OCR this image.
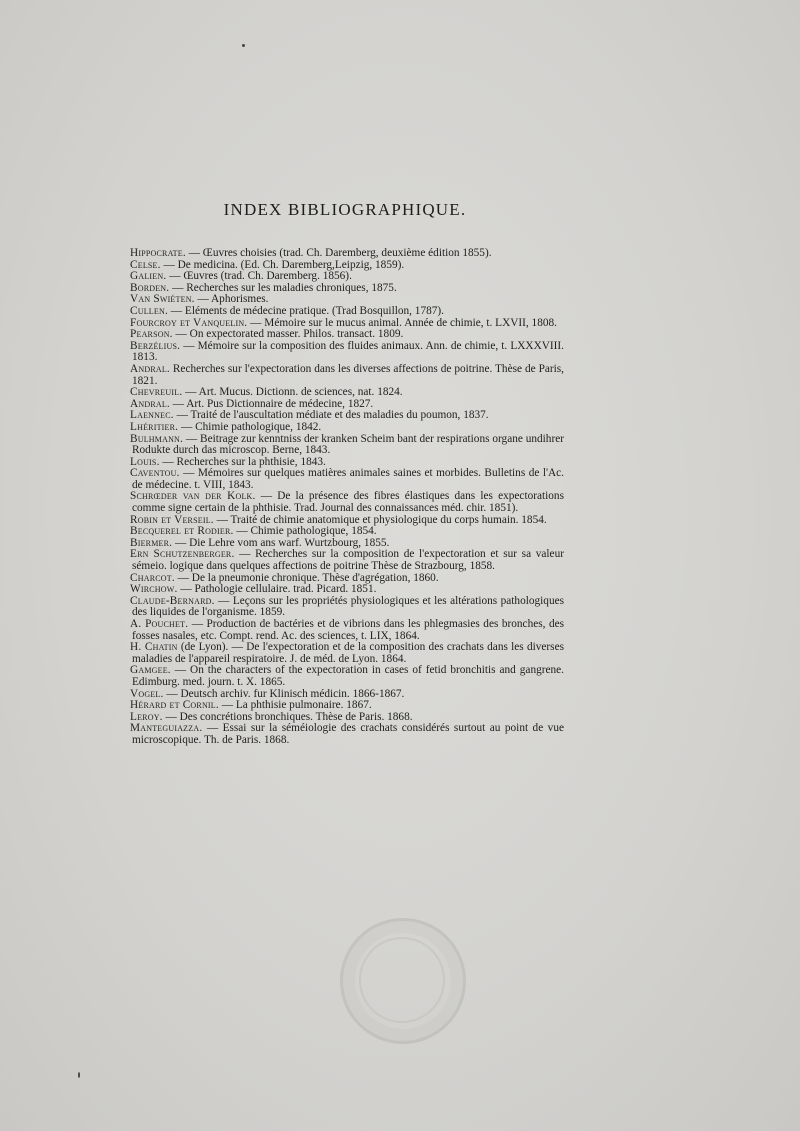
INDEX BIBLIOGRAPHIQUE.
Hippocrate. — Œuvres choisies (trad. Ch. Daremberg, deuxième édition 1855).
Celse. — De medicina. (Ed. Ch. Daremberg,Leipzig, 1859).
Galien. — Œuvres (trad. Ch. Daremberg. 1856).
Borden. — Recherches sur les maladies chroniques, 1875.
Van Swiéten. — Aphorismes.
Cullen. — Eléments de médecine pratique. (Trad Bosquillon, 1787).
Fourcroy et Vanquelin. — Mémoire sur le mucus animal. Année de chimie, t. LXVII, 1808.
Pearson. — On expectorated masser. Philos. transact. 1809.
Berzélius. — Mémoire sur la composition des fluides animaux. Ann. de chimie, t. LXXXVIII. 1813.
Andral. Recherches sur l'expectoration dans les diverses affections de poitrine. Thèse de Paris, 1821.
Chevreuil. — Art. Mucus. Dictionn. de sciences, nat. 1824.
Andral. — Art. Pus Dictionnaire de médecine, 1827.
Laennec. — Traité de l'auscultation médiate et des maladies du poumon, 1837.
Lhéritier. — Chimie pathologique, 1842.
Bulhmann. — Beitrage zur kenntniss der kranken Scheim bant der respirations organe undihrer Rodukte durch das microscop. Berne, 1843.
Louis. — Recherches sur la phthisie, 1843.
Caventou. — Mémoires sur quelques matières animales saines et morbides. Bulletins de l'Ac. de médecine. t. VIII, 1843.
Schrœder van der Kolk. — De la présence des fibres élastiques dans les expectorations comme signe certain de la phthisie. Trad. Journal des connaissances méd. chir. 1851).
Robin et Verseil. — Traité de chimie anatomique et physiologique du corps humain. 1854.
Becquerel et Rodier. — Chimie pathologique, 1854.
Biermer. — Die Lehre vom ans warf. Wurtzbourg, 1855.
Ern Schutzenberger. — Recherches sur la composition de l'expectoration et sur sa valeur sémeio. logique dans quelques affections de poitrine Thèse de Strazbourg, 1858.
Charcot. — De la pneumonie chronique. Thèse d'agrégation, 1860.
Wirchow. — Pathologie cellulaire. trad. Picard. 1851.
Claude-Bernard. — Leçons sur les propriétés physiologiques et les altérations pathologiques des liquides de l'organisme. 1859.
A. Pouchet. — Production de bactéries et de vibrions dans les phlegmasies des bronches, des fosses nasales, etc. Compt. rend. Ac. des sciences, t. LIX, 1864.
H. Chatin (de Lyon). — De l'expectoration et de la composition des crachats dans les diverses maladies de l'appareil respiratoire. J. de méd. de Lyon. 1864.
Gamgee. — On the characters of the expectoration in cases of fetid bronchitis and gangrene. Edimburg. med. journ. t. X. 1865.
Vogel. — Deutsch archiv. fur Klinisch médicin. 1866-1867.
Hérard et Cornil. — La phthisie pulmonaire. 1867.
Leroy. — Des concrétions bronchiques. Thèse de Paris. 1868.
Manteguiazza. — Essai sur la séméiologie des crachats considérés surtout au point de vue microscopique. Th. de Paris. 1868.
